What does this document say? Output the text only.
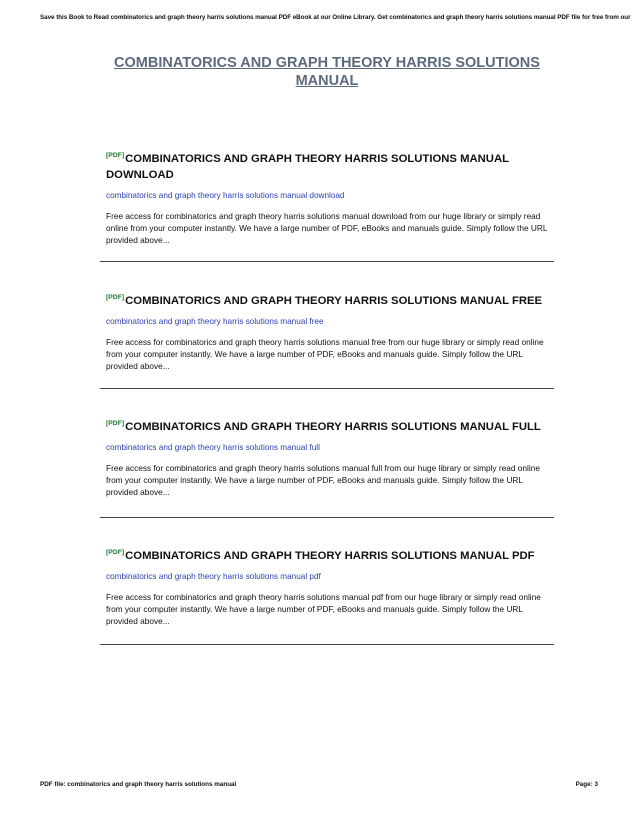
Save this Book to Read combinatorics and graph theory harris solutions manual PDF eBook at our Online Library. Get combinatorics and graph theory harris solutions manual PDF file for free from our
COMBINATORICS AND GRAPH THEORY HARRIS SOLUTIONS MANUAL
[PDF]COMBINATORICS AND GRAPH THEORY HARRIS SOLUTIONS MANUAL DOWNLOAD
combinatorics and graph theory harris solutions manual download
Free access for combinatorics and graph theory harris solutions manual download from our huge library or simply read online from your computer instantly. We have a large number of PDF, eBooks and manuals guide. Simply follow the URL provided above...
[PDF]COMBINATORICS AND GRAPH THEORY HARRIS SOLUTIONS MANUAL FREE
combinatorics and graph theory harris solutions manual free
Free access for combinatorics and graph theory harris solutions manual free from our huge library or simply read online from your computer instantly. We have a large number of PDF, eBooks and manuals guide. Simply follow the URL provided above...
[PDF]COMBINATORICS AND GRAPH THEORY HARRIS SOLUTIONS MANUAL FULL
combinatorics and graph theory harris solutions manual full
Free access for combinatorics and graph theory harris solutions manual full from our huge library or simply read online from your computer instantly. We have a large number of PDF, eBooks and manuals guide. Simply follow the URL provided above...
[PDF]COMBINATORICS AND GRAPH THEORY HARRIS SOLUTIONS MANUAL PDF
combinatorics and graph theory harris solutions manual pdf
Free access for combinatorics and graph theory harris solutions manual pdf from our huge library or simply read online from your computer instantly. We have a large number of PDF, eBooks and manuals guide. Simply follow the URL provided above...
PDF file: combinatorics and graph theory harris solutions manual	Page: 3
